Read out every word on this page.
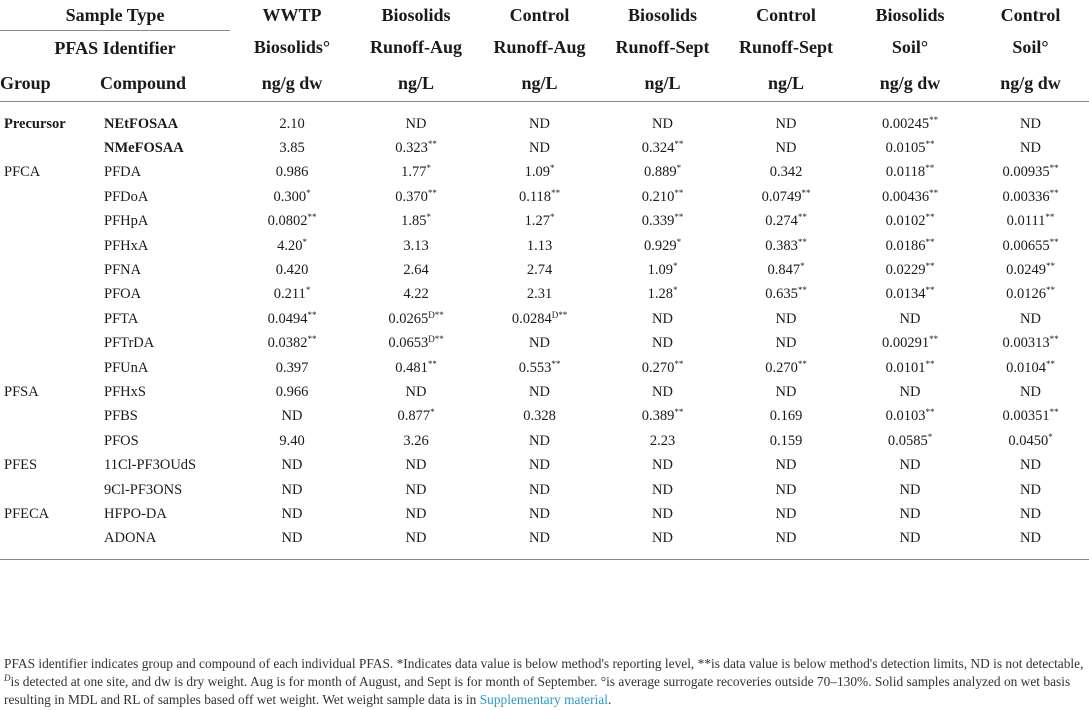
Sample Type		WWTP	Biosolids	Control	Biosolids	Control	Biosolids	Control
PFAS Identifier		Biosolids°	Runoff-Aug	Runoff-Aug	Runoff-Sept	Runoff-Sept	Soil°	Soil°
Group	Compound	ng/g dw	ng/L	ng/L	ng/L	ng/L	ng/g dw	ng/g dw
Precursor	NEtFOSAA	2.10	ND	ND	ND	ND	0.00245**	ND
	NMeFOSAA	3.85	0.323**	ND	0.324**	ND	0.0105**	ND
PFCA	PFDA	0.986	1.77*	1.09*	0.889*	0.342	0.0118**	0.00935**
	PFDoA	0.300*	0.370**	0.118**	0.210**	0.0749**	0.00436**	0.00336**
	PFHpA	0.0802**	1.85*	1.27*	0.339**	0.274**	0.0102**	0.0111**
	PFHxA	4.20*	3.13	1.13	0.929*	0.383**	0.0186**	0.00655**
	PFNA	0.420	2.64	2.74	1.09*	0.847*	0.0229**	0.0249**
	PFOA	0.211*	4.22	2.31	1.28*	0.635**	0.0134**	0.0126**
	PFTA	0.0494**	$0.0265^{D**}$	$0.0284^{D**}$	ND	ND	ND	ND
	PFTrDA	0.0382**	$0.0653^{D**}$	ND	ND	ND	0.00291**	0.00313**
	PFUnA	0.397	0.481**	0.553**	0.270**	0.270**	0.0101**	0.0104**
PFSA	PFHxS	0.966	ND	ND	ND	ND	ND	ND
	PFBS	ND	0.877*	0.328	0.389**	0.169	0.0103**	0.00351**
	PFOS	9.40	3.26	ND	2.23	0.159	0.0585*	0.0450*
PFES	11Cl-PF3OUdS	ND	ND	ND	ND	ND	ND	ND
	9Cl-PF3ONS	ND	ND	ND	ND	ND	ND	ND
PFECA	HFPO-DA	ND	ND	ND	ND	ND	ND	ND
	ADONA	ND	ND	ND	ND	ND	ND	ND
PFAS identifier indicates group and compound of each individual PFAS. *Indicates data value is below method's reporting level, **is data value is below method's detection limits, ND is not detectable, $^D$is detected at one site, and dw is dry weight. Aug is for month of August, and Sept is for month of September. °is average surrogate recoveries outside 70–130%. Solid samples analyzed on wet basis resulting in MDL and RL of samples based off wet weight. Wet weight sample data is in Supplementary material.
